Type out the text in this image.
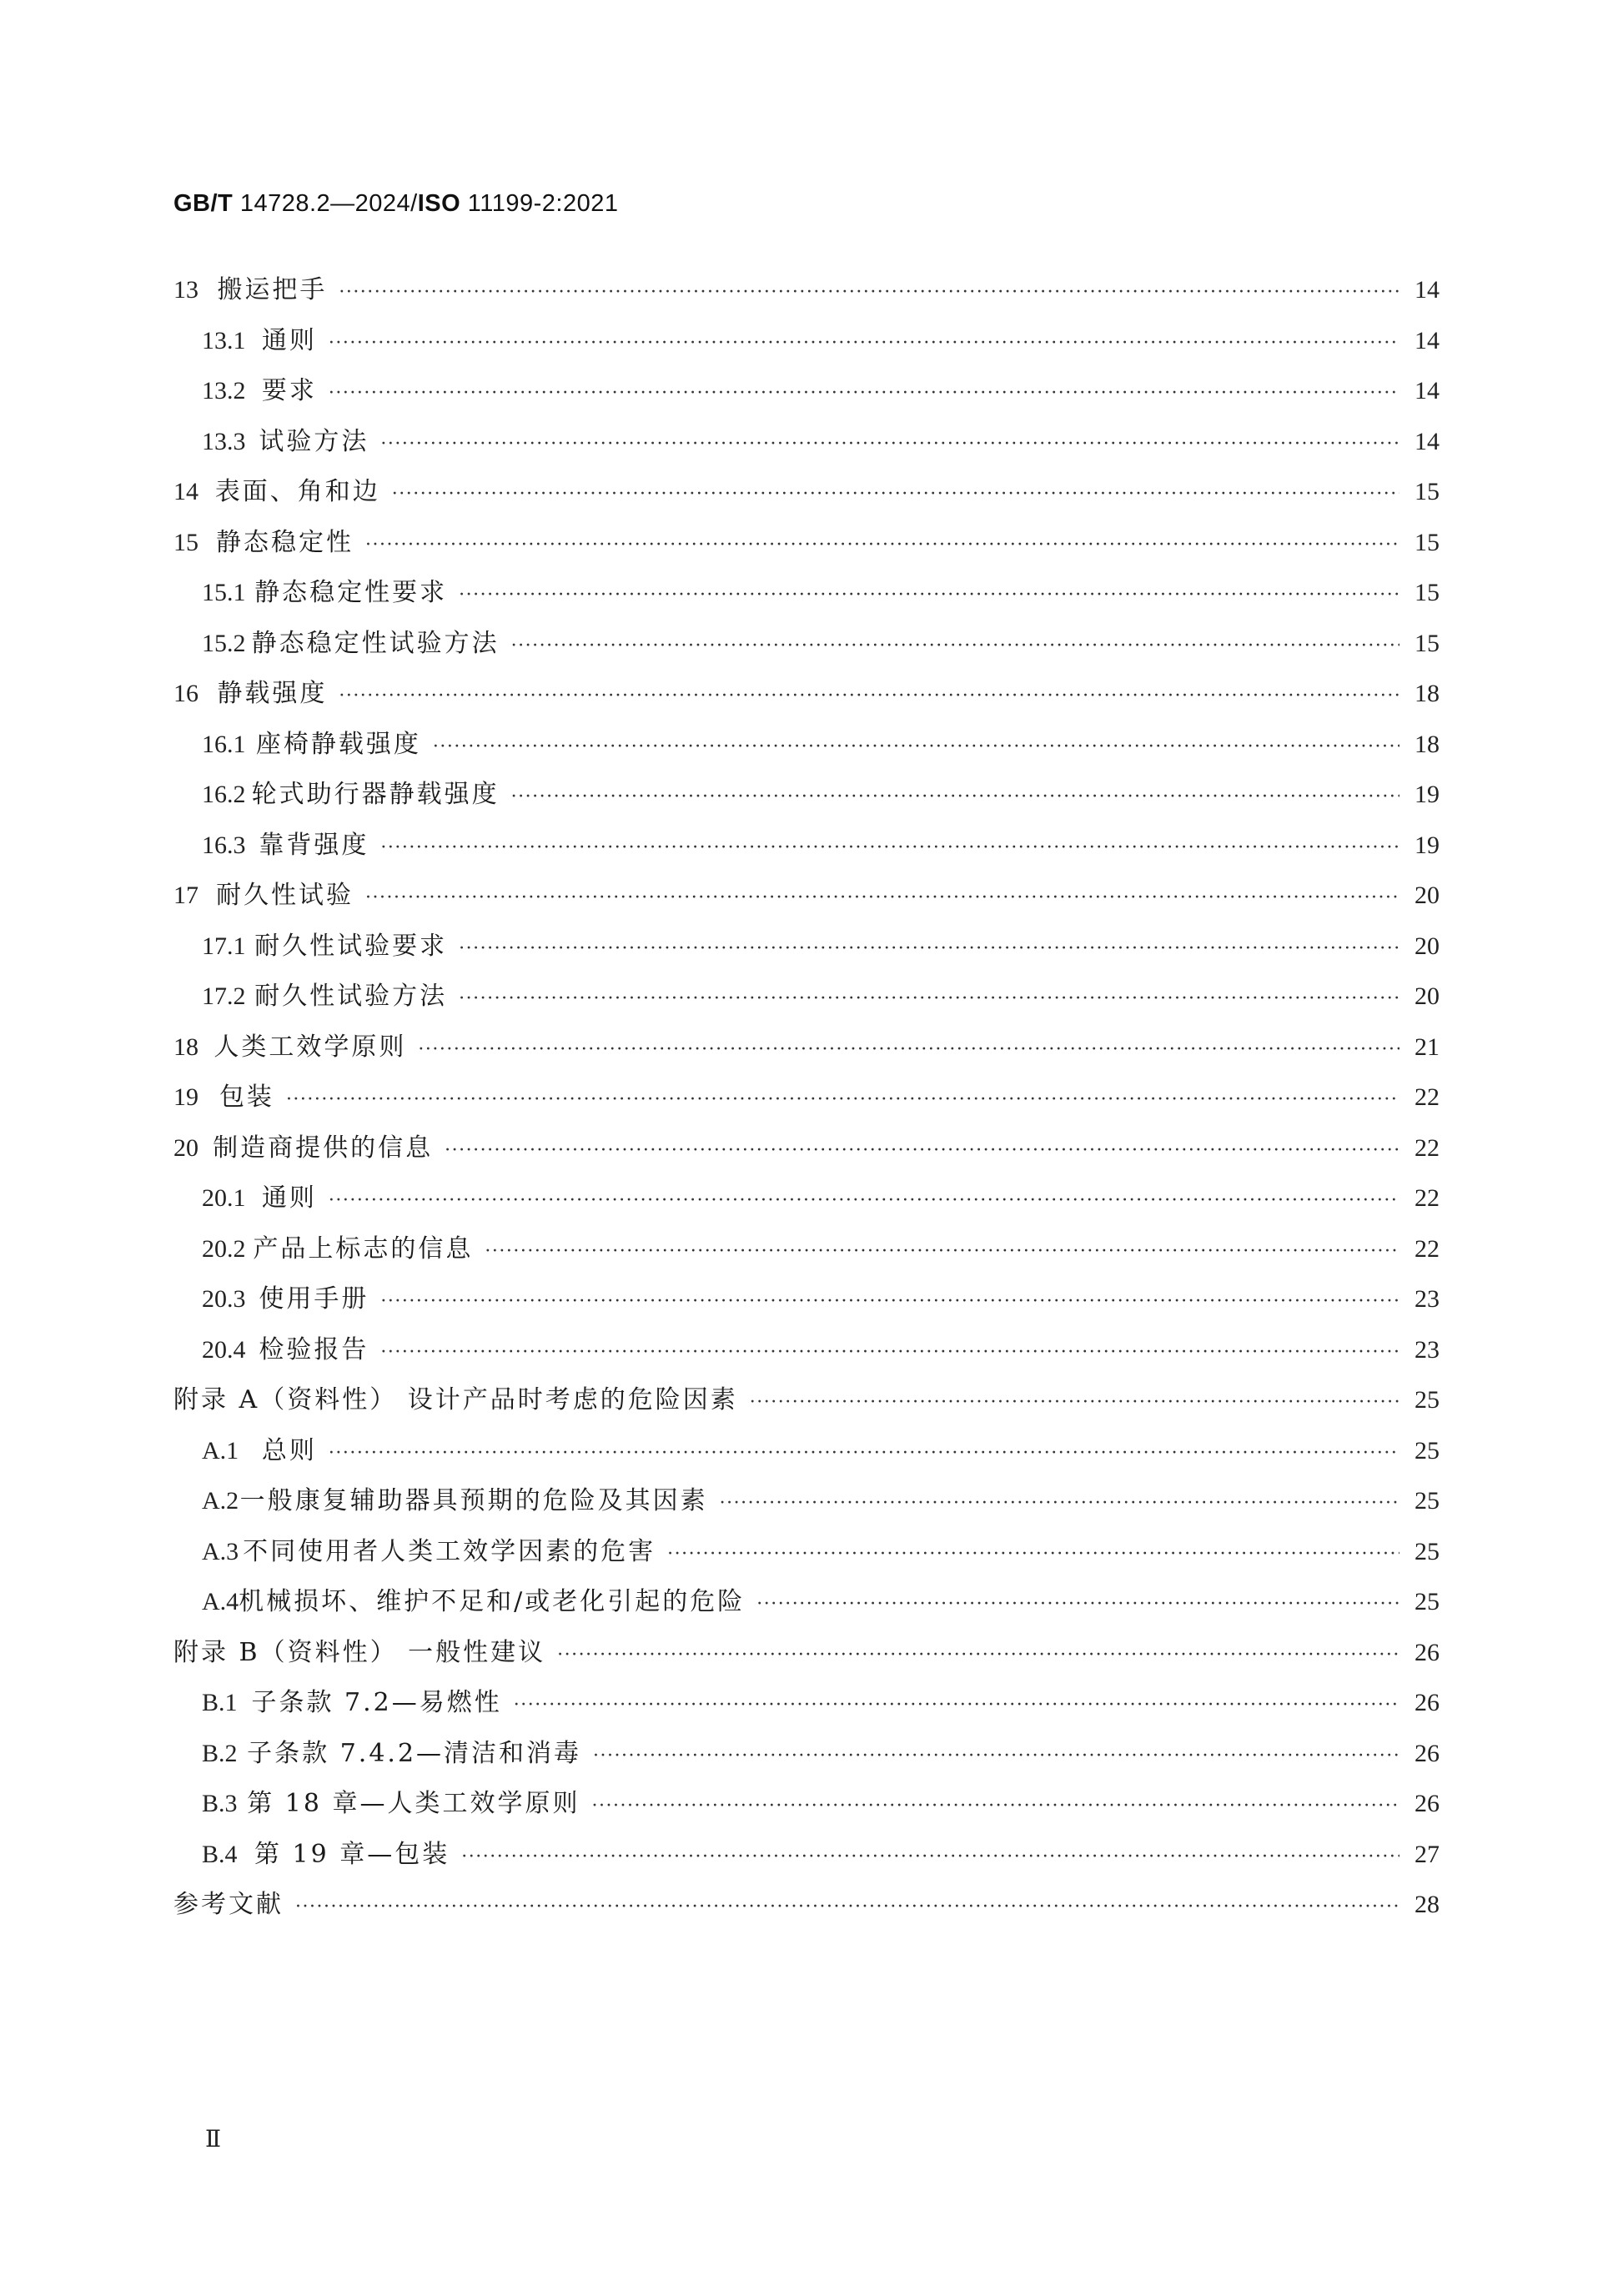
GB/T 14728.2—2024/ISO 11199-2:2021
13 搬运把手 ·····	14
13.1 通则 ·····	14
13.2 要求 ·····	14
13.3 试验方法 ·····	14
14 表面、角和边 ·····	15
15 静态稳定性 ·····	15
15.1 静态稳定性要求 ·····	15
15.2 静态稳定性试验方法 ·····	15
16 静载强度 ·····	18
16.1 座椅静载强度 ·····	18
16.2 轮式助行器静载强度 ·····	19
16.3 靠背强度 ·····	19
17 耐久性试验 ·····	20
17.1 耐久性试验要求 ·····	20
17.2 耐久性试验方法 ·····	20
18 人类工效学原则 ·····	21
19 包装 ·····	22
20 制造商提供的信息 ·····	22
20.1 通则 ·····	22
20.2 产品上标志的信息 ·····	22
20.3 使用手册 ·····	23
20.4 检验报告 ·····	23
附录 A（资料性） 设计产品时考虑的危险因素 ·····	25
A.1 总则 ·····	25
A.2 一般康复辅助器具预期的危险及其因素 ·····	25
A.3 不同使用者人类工效学因素的危害 ·····	25
A.4 机械损坏、维护不足和/或老化引起的危险 ·····	25
附录 B（资料性） 一般性建议 ·····	26
B.1 子条款 7.2—易燃性 ·····	26
B.2 子条款 7.4.2—清洁和消毒 ·····	26
B.3 第 18 章—人类工效学原则 ·····	26
B.4 第 19 章—包装 ·····	27
参考文献 ·····	28
Ⅱ
